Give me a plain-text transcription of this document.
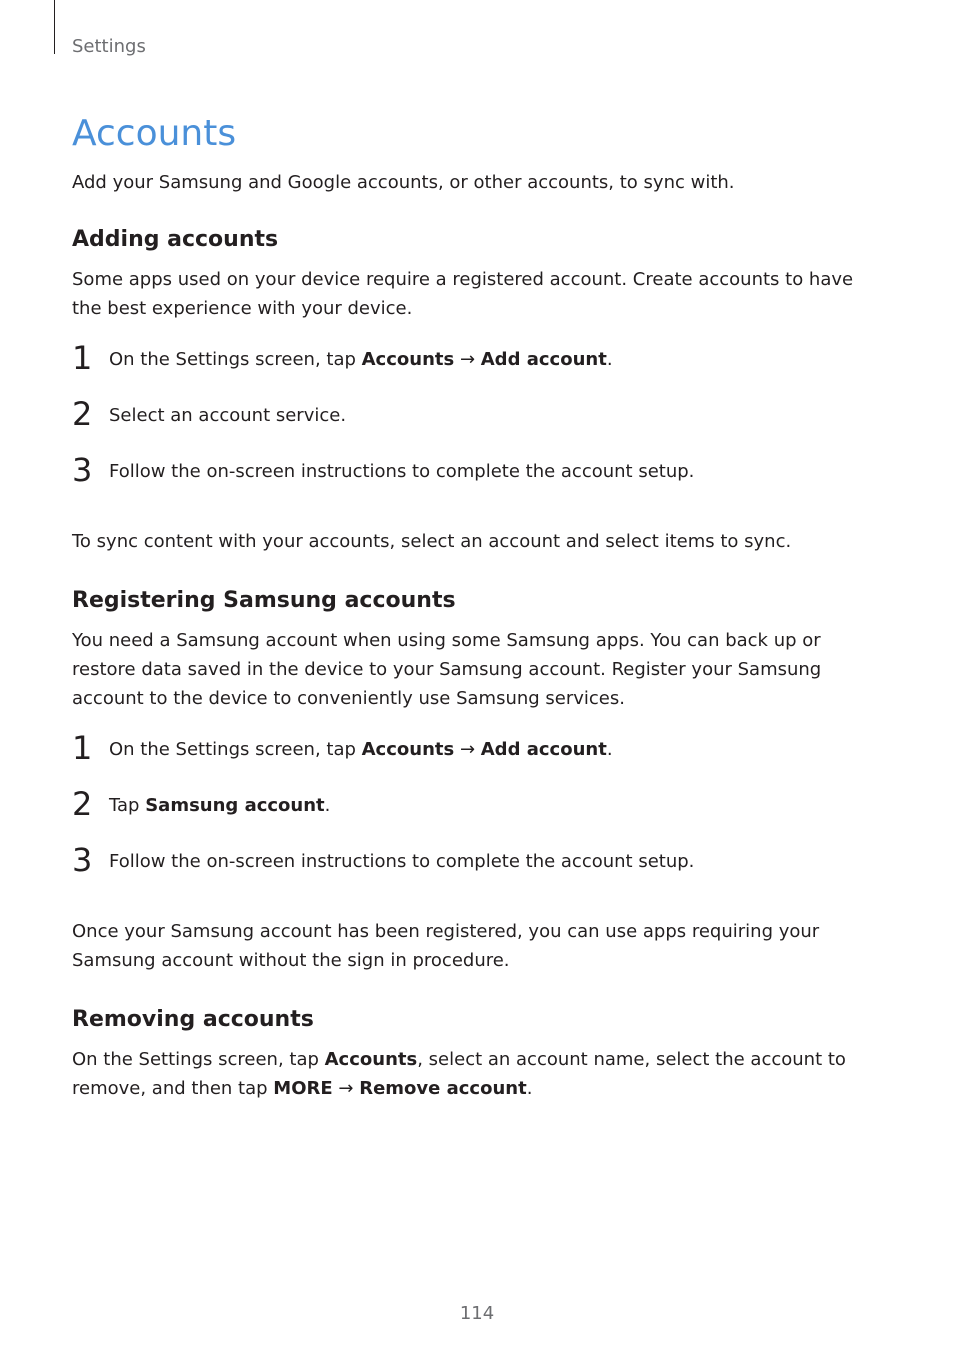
Settings
Accounts

Add your Samsung and Google accounts, or other accounts, to sync with.

Adding accounts

Some apps used on your device require a registered account. Create accounts to have the best experience with your device.

1 On the Settings screen, tap Accounts → Add account.
2 Select an account service.
3 Follow the on-screen instructions to complete the account setup.

To sync content with your accounts, select an account and select items to sync.

Registering Samsung accounts

You need a Samsung account when using some Samsung apps. You can back up or restore data saved in the device to your Samsung account. Register your Samsung account to the device to conveniently use Samsung services.

1 On the Settings screen, tap Accounts → Add account.
2 Tap Samsung account.
3 Follow the on-screen instructions to complete the account setup.

Once your Samsung account has been registered, you can use apps requiring your Samsung account without the sign in procedure.

Removing accounts

On the Settings screen, tap Accounts, select an account name, select the account to remove, and then tap MORE → Remove account.

114
